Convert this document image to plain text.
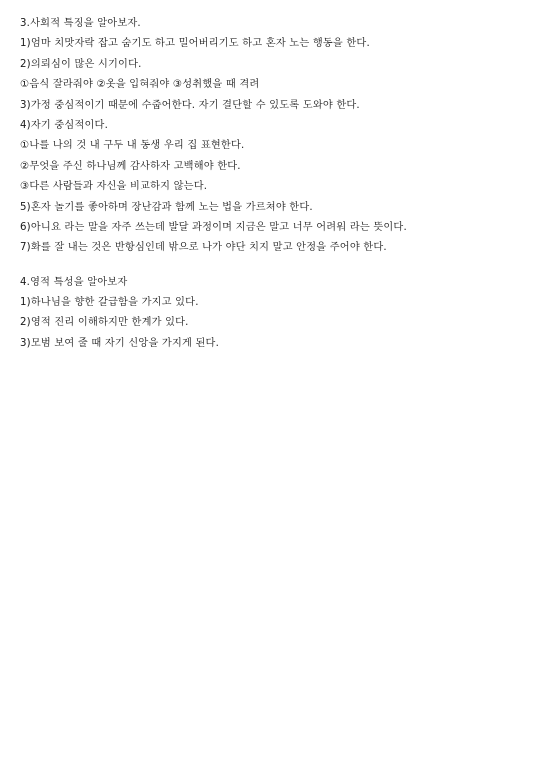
3.사회적 특징을 알아보자.
1)엄마 치맛자락 잡고 숨기도 하고 밀어버리기도 하고 혼자 노는 행동을 한다.
2)의뢰심이 많은 시기이다.
①음식 잘라줘야 ②옷을 입혀줘야 ③성취했을 때 격려
3)가정 중심적이기 때문에 수줍어한다. 자기 결단할 수 있도록 도와야 한다.
4)자기 중심적이다.
①나를 나의 것 내 구두 내 동생 우리 집 표현한다.
②무엇을 주신 하나님께 감사하자 고백해야 한다.
③다른 사람들과 자신을 비교하지 않는다.
5)혼자 놀기를 좋아하며 장난감과 함께 노는 법을 가르쳐야 한다.
6)아니요 라는 말을 자주 쓰는데 발달 과정이며 지금은 말고 너무 어려워 라는 뜻이다.
7)화를 잘 내는 것은 반항심인데 밖으로 나가 야단 치지 말고 안정을 주어야 한다.
4.영적 특성을 알아보자
1)하나님을 향한 갈급함을 가지고 있다.
2)영적 진리 이해하지만 한계가 있다.
3)모범 보여 줄 때 자기 신앙을 가지게 된다.
